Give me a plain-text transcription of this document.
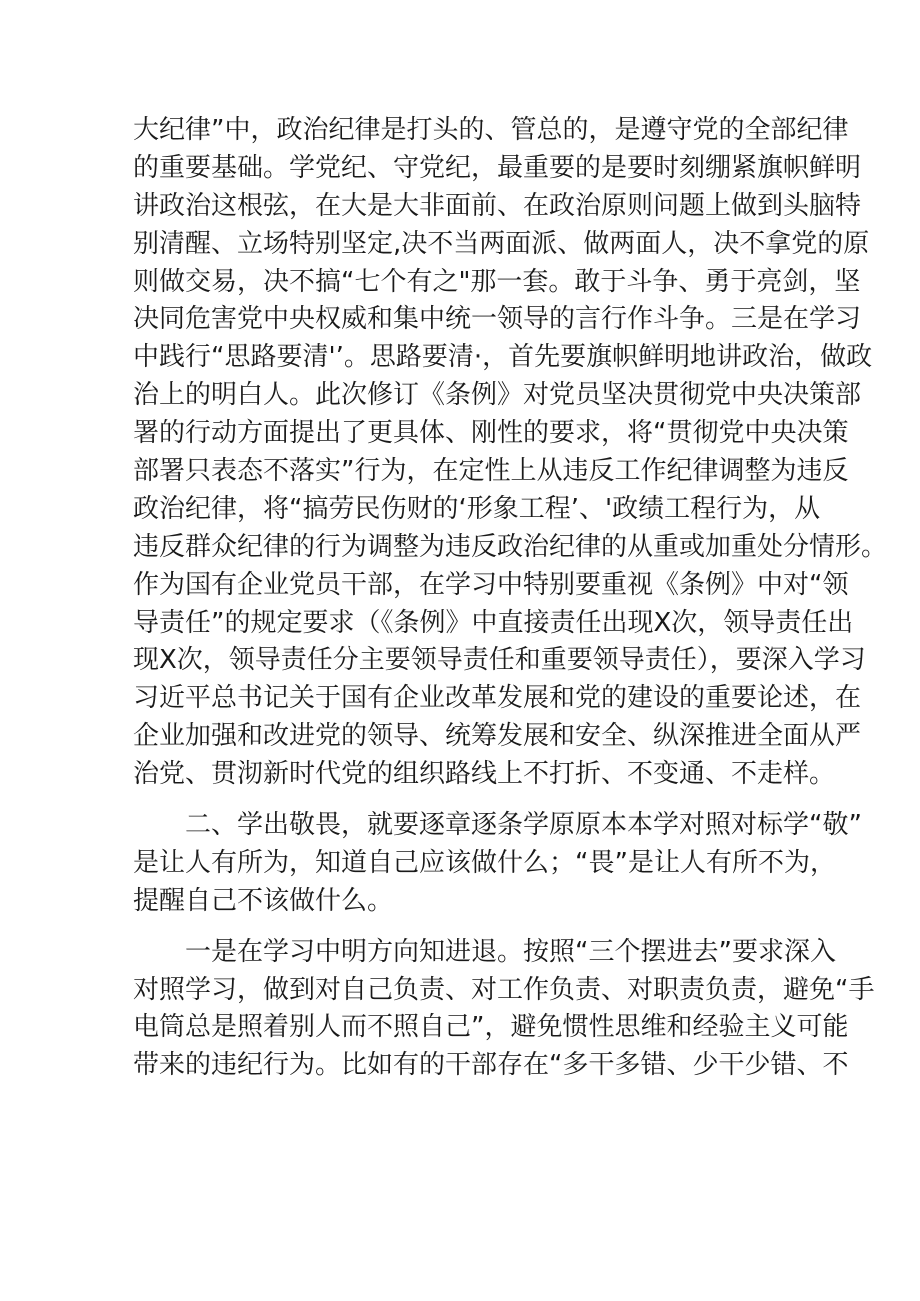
大纪律”中，政治纪律是打头的、管总的，是遵守党的全部纪律
的重要基础。学党纪、守党纪，最重要的是要时刻绷紧旗帜鲜明
讲政治这根弦，在大是大非面前、在政治原则问题上做到头脑特
别清醒、立场特别坚定,决不当两面派、做两面人，决不拿党的原
则做交易，决不搞“七个有之"那一套。敢于斗争、勇于亮剑，坚
决同危害党中央权威和集中统一领导的言行作斗争。三是在学习
中践行“思路要清'’。思路要清·，首先要旗帜鲜明地讲政治，做政
治上的明白人。此次修订《条例》对党员坚决贯彻党中央决策部
署的行动方面提出了更具体、刚性的要求，将“贯彻党中央决策
部署只表态不落实”行为，在定性上从违反工作纪律调整为违反
政治纪律，将“搞劳民伤财的‘形象工程’、'政绩工程行为，从
违反群众纪律的行为调整为违反政治纪律的从重或加重处分情形。
作为国有企业党员干部，在学习中特别要重视《条例》中对“领
导责任”的规定要求（《条例》中直接责任出现X次，领导责任出
现X次，领导责任分主要领导责任和重要领导责任），要深入学习
习近平总书记关于国有企业改革发展和党的建设的重要论述，在
企业加强和改进党的领导、统筹发展和安全、纵深推进全面从严
治党、贯沏新时代党的组织路线上不打折、不变通、不走样。
二、学出敬畏，就要逐章逐条学原原本本学对照对标学“敬”
是让人有所为，知道自己应该做什么；“畏”是让人有所不为，
提醒自己不该做什么。
一是在学习中明方向知进退。按照“三个摆进去”要求深入
对照学习，做到对自己负责、对工作负责、对职责负责，避免“手
电筒总是照着别人而不照自己”，避免惯性思维和经验主义可能
带来的违纪行为。比如有的干部存在“多干多错、少干少错、不
